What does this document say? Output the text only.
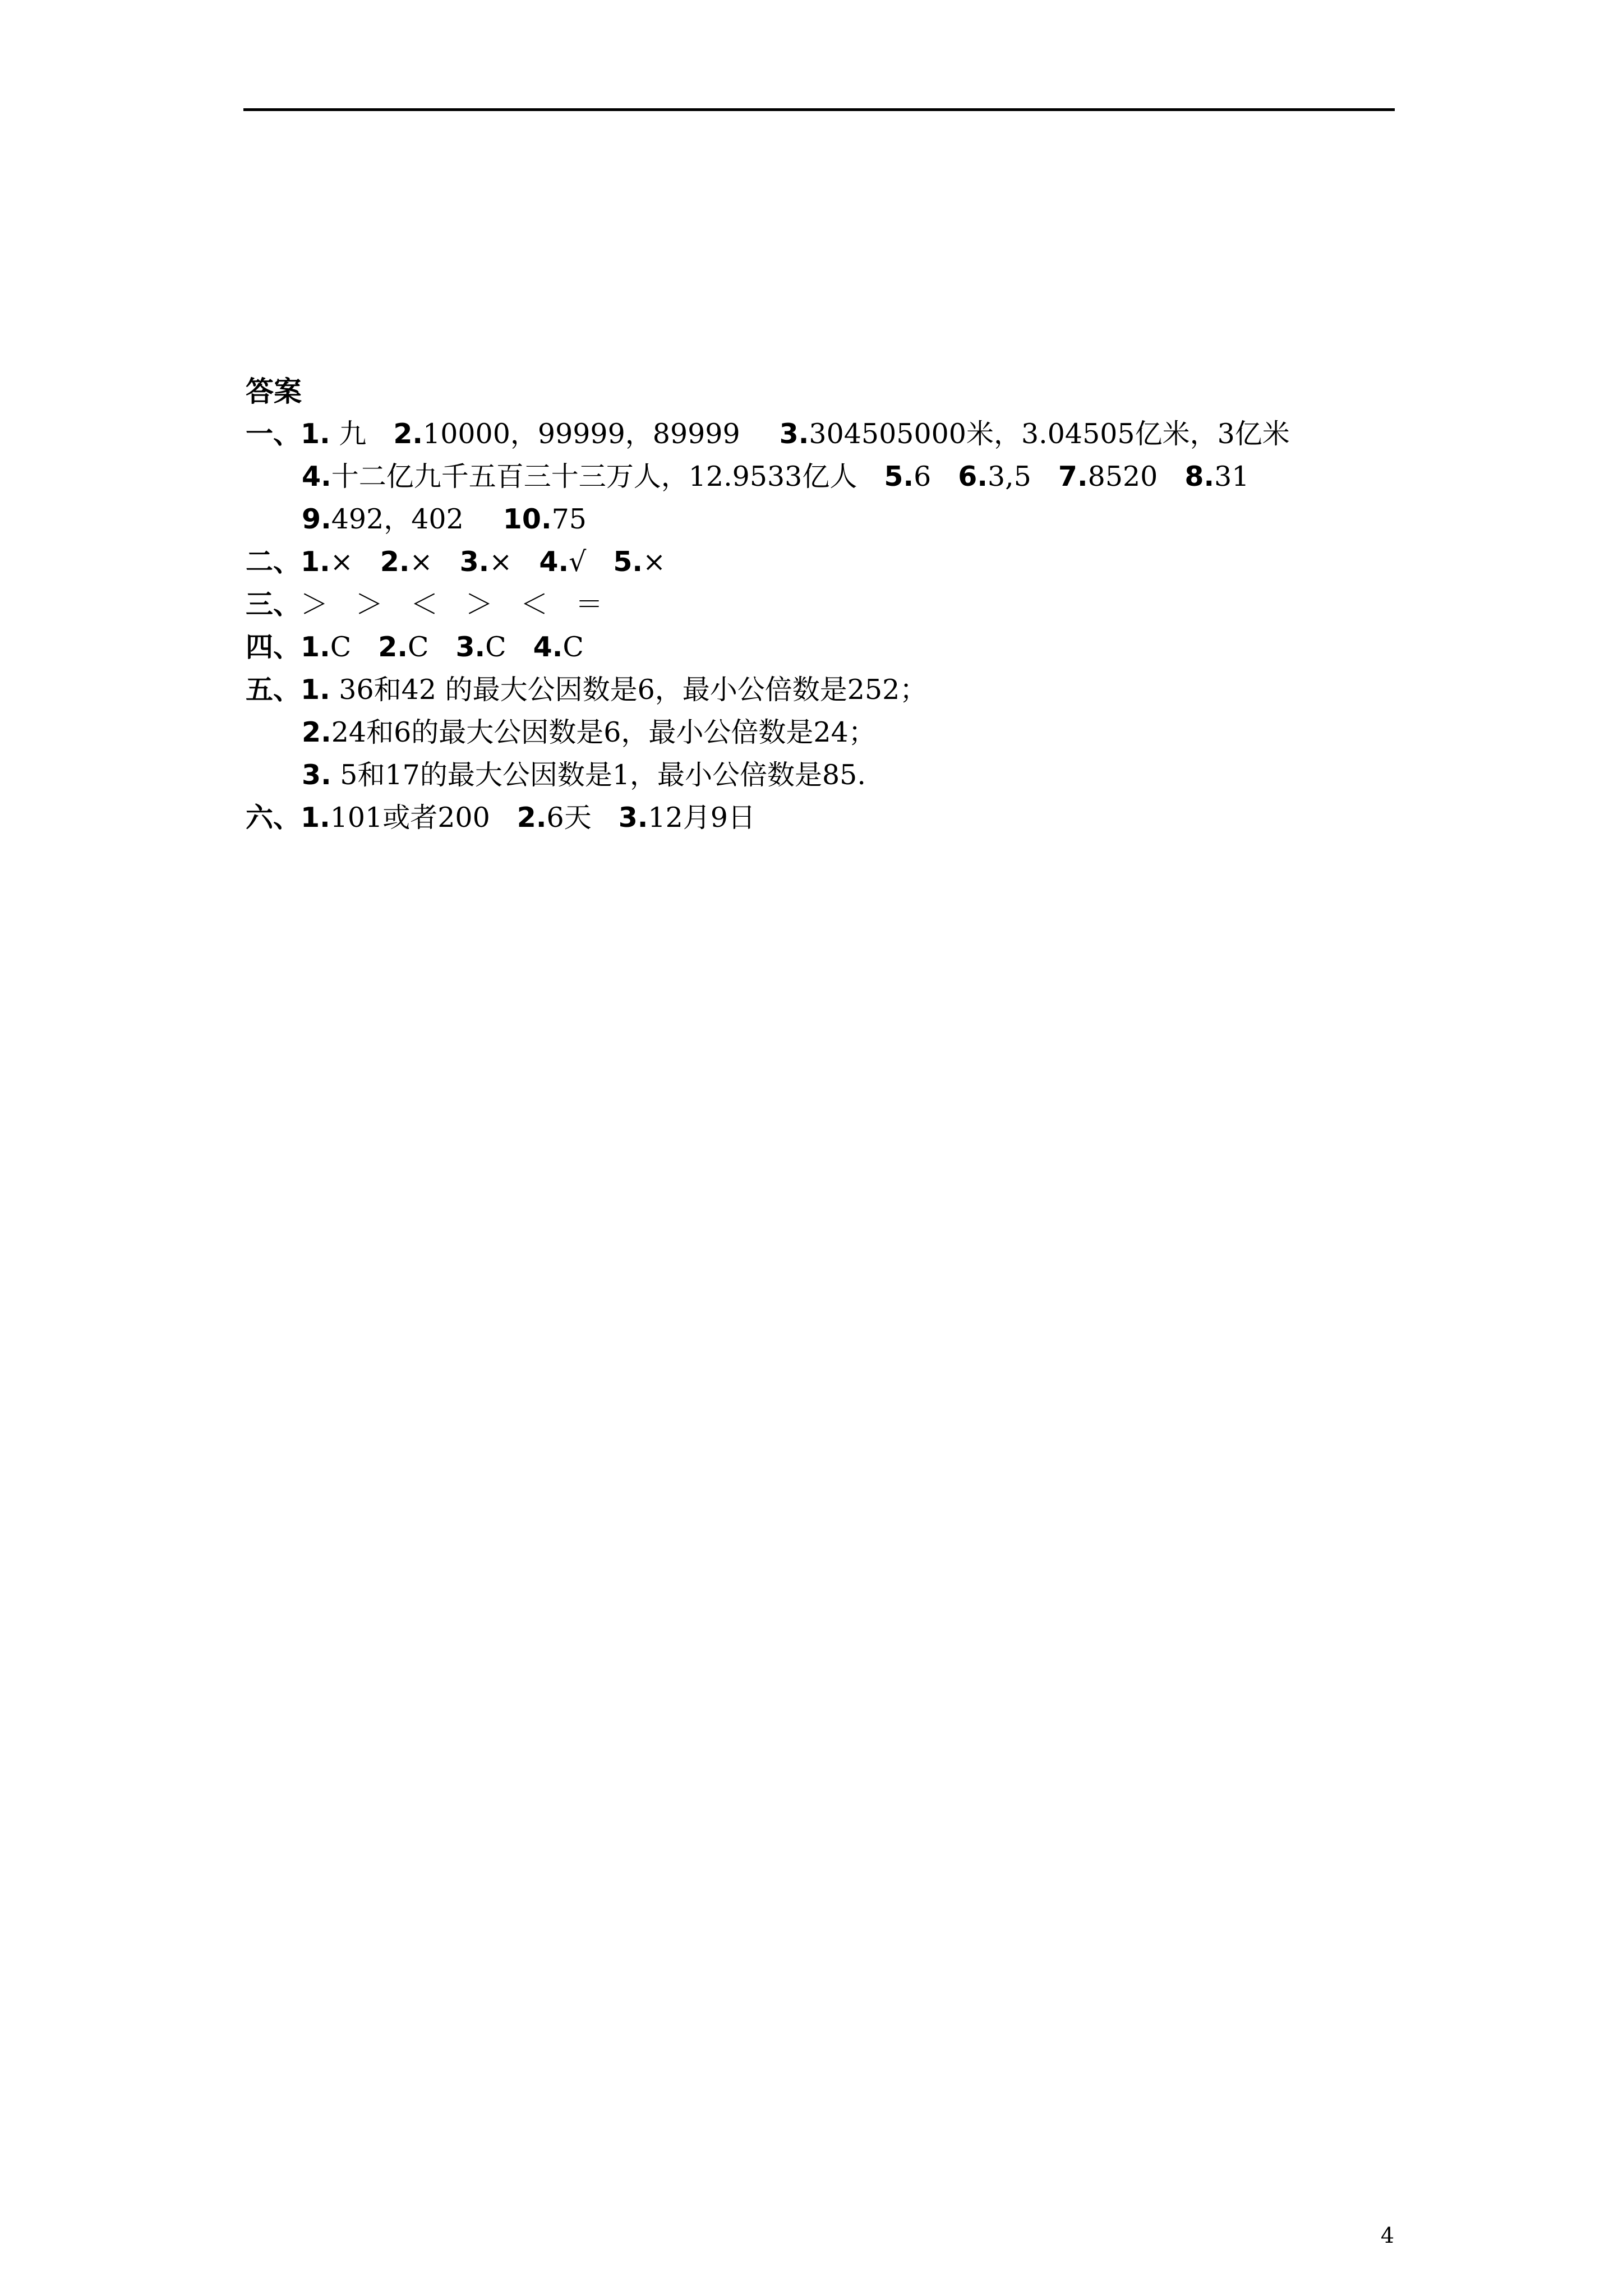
答案
一、1. 九 2.10000，99999，89999 3.304505000米，3.04505亿米，3亿米
4.十二亿九千五百三十三万人，12.9533亿人 5.6 6.3,5 7.8520 8.31
9.492，402 10.75
二、1.× 2.× 3.× 4.√ 5.×
三、＞　＞　＜　＞　＜　＝
四、1.C 2.C 3.C 4.C
五、1. 36和42 的最大公因数是6，最小公倍数是252；
2.24和6的最大公因数是6，最小公倍数是24；
3. 5和17的最大公因数是1，最小公倍数是85.
六、1.101或者200 2.6天 3.12月9日
4
